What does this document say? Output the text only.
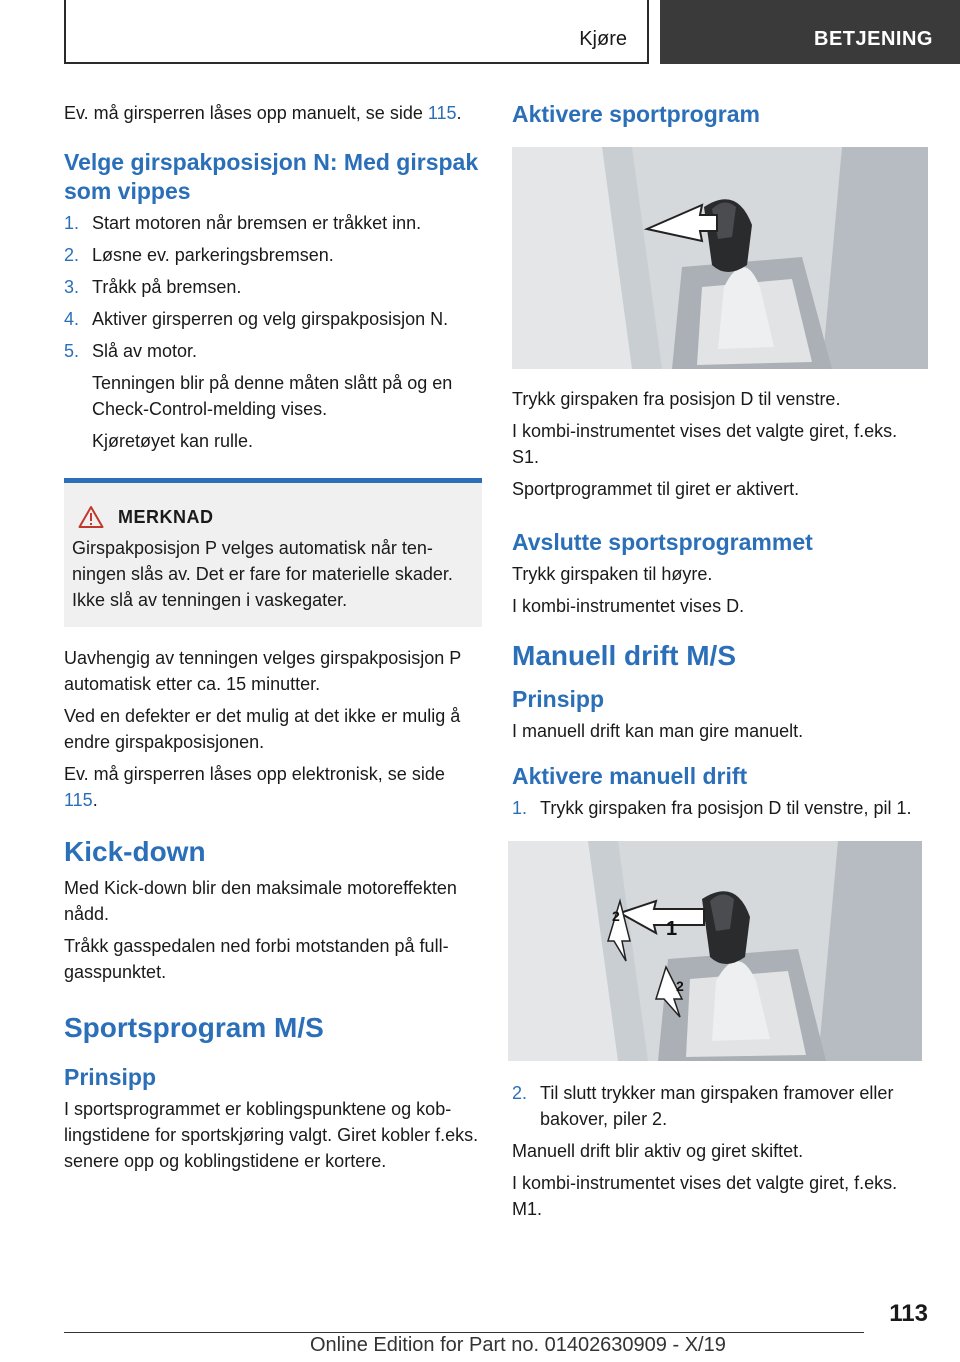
Kjøre	BETJENING

Ev. må girsperren låses opp manuelt, se side 115.

Velge girspakposisjon N: Med girspak som vippes
1. Start motoren når bremsen er tråkket inn.
2. Løsne ev. parkeringsbremsen.
3. Tråkk på bremsen.
4. Aktiver girsperren og velg girspakposisjon N.
5. Slå av motor.

Tenningen blir på denne måten slått på og en Check-Control-melding vises.

Kjøretøyet kan rulle.

MERKNAD

Girspakposisjon P velges automatisk når tenningen slås av. Det er fare for materielle skader. Ikke slå av tenningen i vaskegater.

Uavhengig av tenningen velges girspakposisjon P automatisk etter ca. 15 minutter.

Ved en defekter er det mulig at det ikke er mulig å endre girspakposisjonen.

Ev. må girsperren låses opp elektronisk, se side 115.

Kick-down

Med Kick-down blir den maksimale motoreffekten nådd.

Tråkk gasspedalen ned forbi motstanden på fullgasspunktet.

Sportsprogram M/S
Prinsipp

I sportsprogrammet er koblingspunktene og koblingstidene for sportskjøring valgt. Giret kobler f.eks. senere opp og koblingstidene er kortere.

Aktivere sportprogram

Trykk girspaken fra posisjon D til venstre.

I kombi-instrumentet vises det valgte giret, f.eks. S1.

Sportprogrammet til giret er aktivert.

Avslutte sportsprogrammet

Trykk girspaken til høyre.

I kombi-instrumentet vises D.

Manuell drift M/S
Prinsipp

I manuell drift kan man gire manuelt.

Aktivere manuell drift
1. Trykk girspaken fra posisjon D til venstre, pil 1.
1
2
2
2. Til slutt trykker man girspaken framover eller bakover, piler 2.

Manuell drift blir aktiv og giret skiftet.

I kombi-instrumentet vises det valgte giret, f.eks. M1.

113
Online Edition for Part no. 01402630909 - X/19
